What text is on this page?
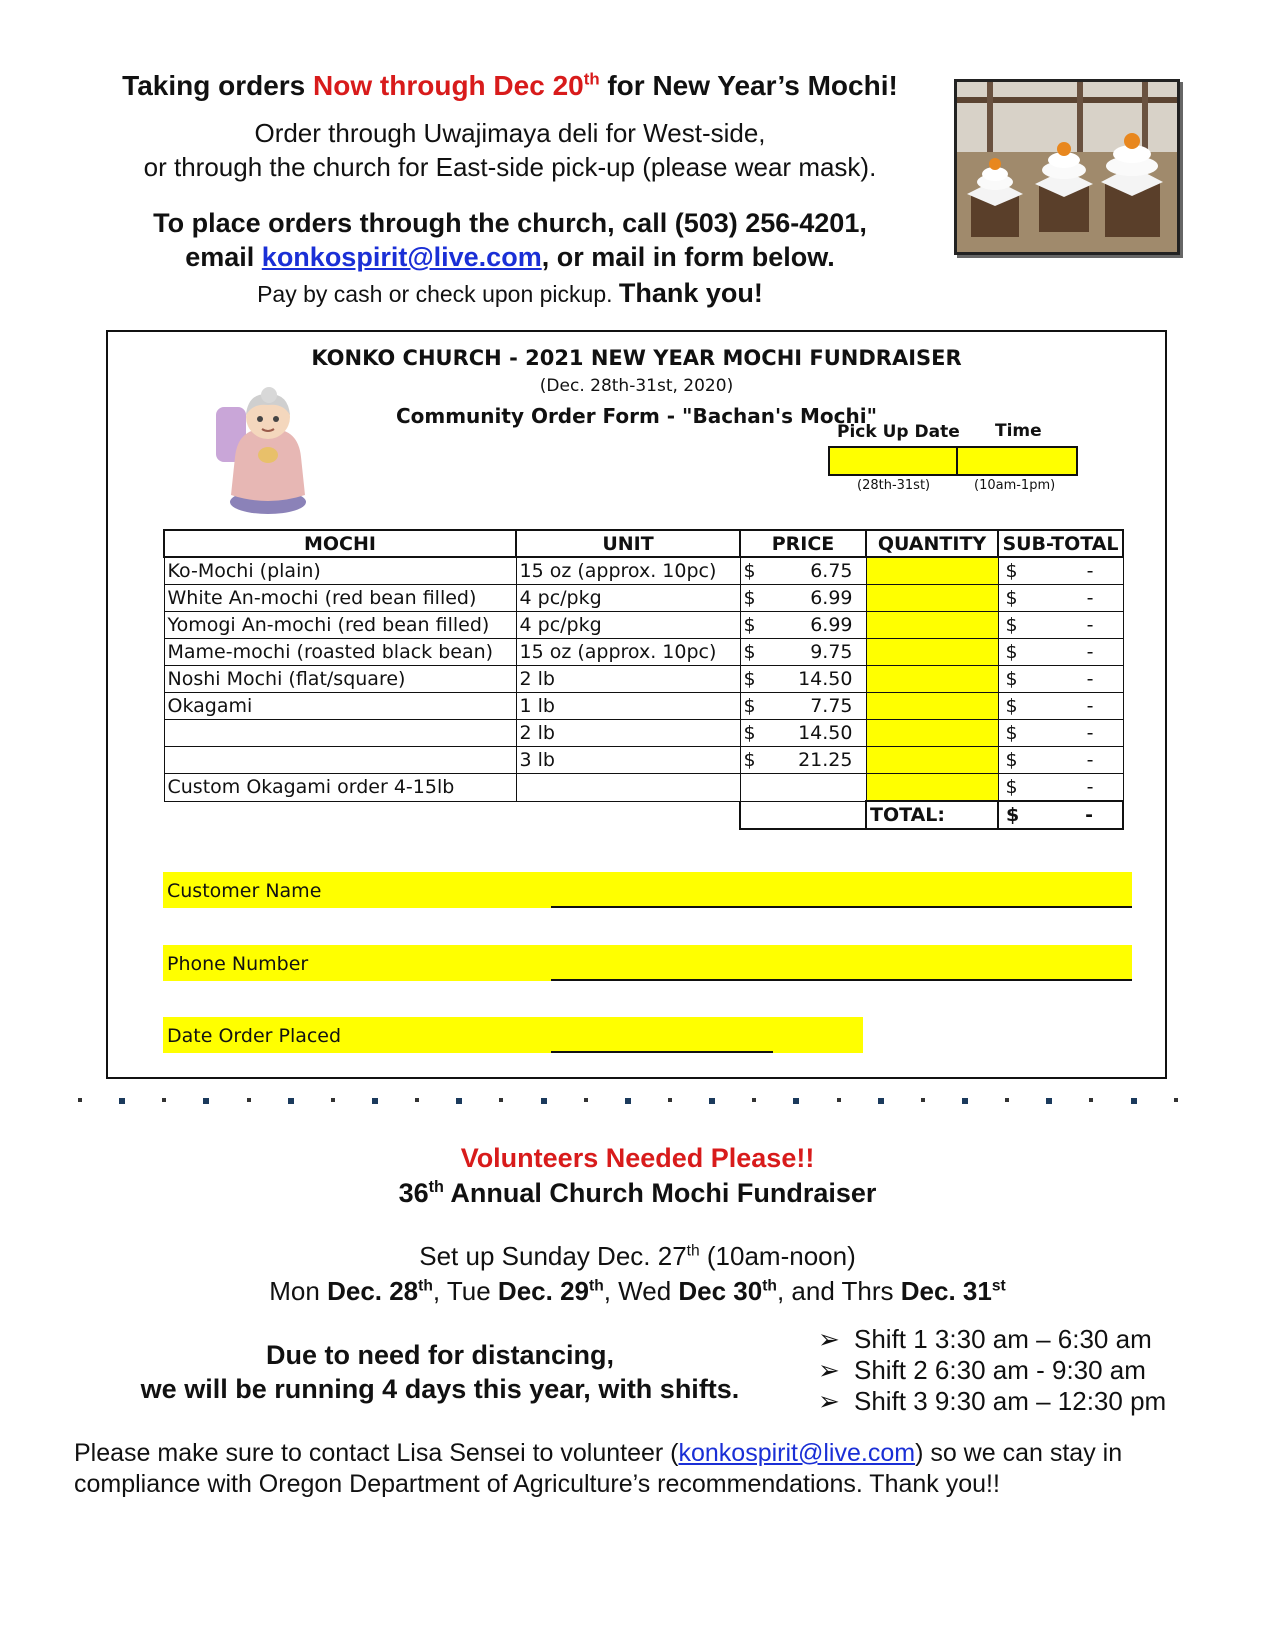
Taking orders Now through Dec 20th for New Year’s Mochi!
Order through Uwajimaya deli for West-side,
or through the church for East-side pick-up (please wear mask).
To place orders through the church, call (503) 256-4201,
email konkospirit@live.com, or mail in form below.
Pay by cash or check upon pickup. Thank you!
KONKO CHURCH - 2021 NEW YEAR MOCHI FUNDRAISER
(Dec. 28th-31st, 2020)
Community Order Form - "Bachan's Mochi"
Pick Up Date Time
(28th-31st)	(10am-1pm)
MOCHI	UNIT	PRICE	QUANTITY	SUB-TOTAL
Ko-Mochi (plain)	15 oz (approx. 10pc)	$ 6.75		$ -

White An-mochi (red bean filled)	4 pc/pkg	$ 6.99		$ -

Yomogi An-mochi (red bean filled)	4 pc/pkg	$ 6.99		$ -

Mame-mochi (roasted black bean)	15 oz (approx. 10pc)	$ 9.75		$ -

Noshi Mochi (flat/square)	2 lb	$ 14.50		$ -

Okagami	1 lb	$ 7.75		$ -

	2 lb	$ 14.50		$ -

	3 lb	$ 21.25		$ -

Custom Okagami order 4-15lb				$ -

			TOTAL:	$ -
Customer Name
Phone Number
Date Order Placed
Volunteers Needed Please!!
36th Annual Church Mochi Fundraiser
Set up Sunday Dec. 27th (10am-noon)
Mon Dec. 28th, Tue Dec. 29th, Wed Dec 30th, and Thrs Dec. 31st
Due to need for distancing,
we will be running 4 days this year, with shifts.
➢ Shift 1 3:30 am – 6:30 am
➢ Shift 2 6:30 am - 9:30 am
➢ Shift 3 9:30 am – 12:30 pm
Please make sure to contact Lisa Sensei to volunteer (konkospirit@live.com) so we can stay in compliance with Oregon Department of Agriculture’s recommendations. Thank you!!
